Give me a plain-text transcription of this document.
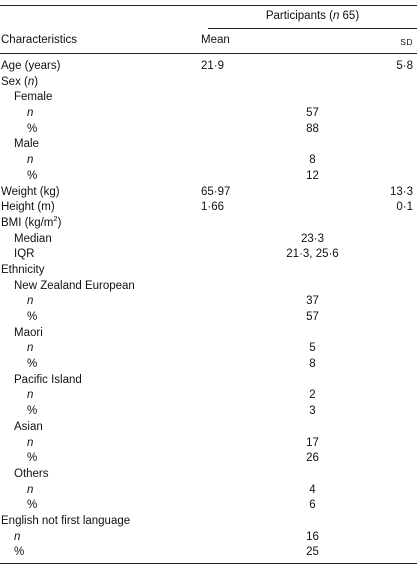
Participants (n 65)
Characteristics	Mean	SD
Age (years)	21·9	5·8
Sex (n)
Female
n	57
%	88
Male
n	8
%	12
Weight (kg)	65·97	13·3
Height (m)	1·66	0·1
BMI $(kg/m^2)$
Median	23·3
IQR	21·3, 25·6
Ethnicity
New Zealand European
n	37
%	57
Maori
n	5
%	8
Pacific Island
n	2
%	3
Asian
n	17
%	26
Others
n	4
%	6
English not first language
n	16
%	25
